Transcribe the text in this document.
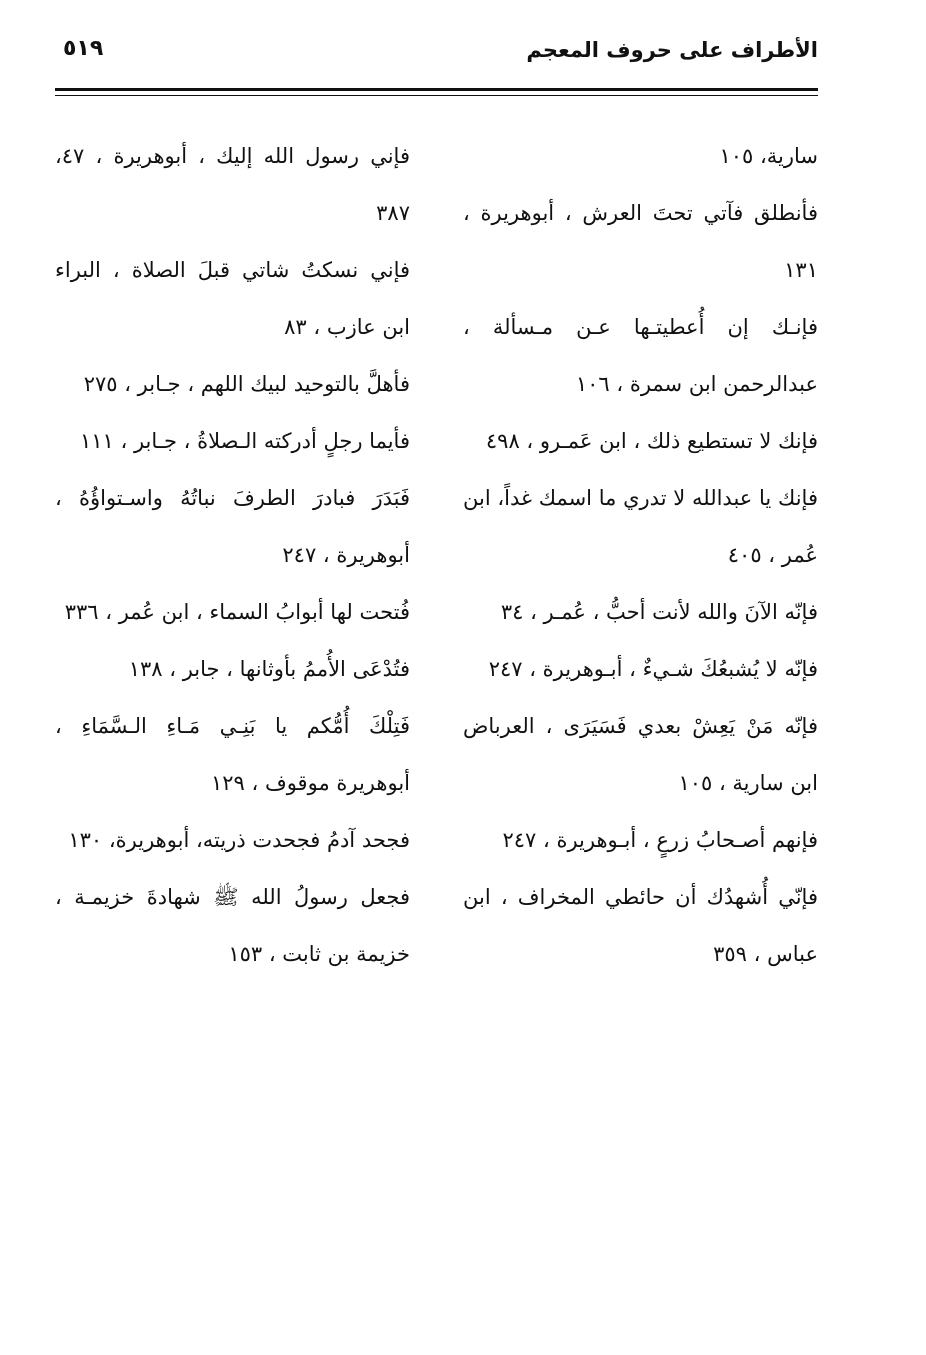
الأطراف على حروف المعجم
٥١٩

سارية، ١٠٥

فأنطلق فآتي تحتَ العرش ، أبوهريرة ، ١٣١

فإنـك إن أُعطيتـها عـن مـسألة ، عبدالرحمن ابن سمرة ، ١٠٦

فإنك لا تستطيع ذلك ، ابن عَمـرو ، ٤٩٨

فإنك يا عبدالله لا تدري ما اسمك غداً، ابن عُمر ، ٤٠٥

فإنّه الآنَ والله لأنت أحبُّ ، عُمـر ، ٣٤

فإنّه لا يُشبعُكَ شـيءٌ ، أبـوهريرة ، ٢٤٧

فإنّه مَنْ يَعِشْ بعدي فَسَيَرَى ، العرباض ابن سارية ، ١٠٥

فإنهم أصـحابُ زرعٍ ، أبـوهريرة ، ٢٤٧

فإنّي أُشهدُك أن حائطي المخراف ، ابن عباس ، ٣٥٩

فإني رسول الله إليك ، أبوهريرة ، ٤٧، ٣٨٧

فإني نسكتُ شاتي قبلَ الصلاة ، البراء ابن عازب ، ٨٣

فأهلَّ بالتوحيد لبيك اللهم ، جـابر ، ٢٧٥

فأيما رجلٍ أدركته الـصلاةُ ، جـابر ، ١١١

فَبَدَرَ فبادرَ الطرفَ نباتُهُ واسـتواؤُهُ ، أبوهريرة ، ٢٤٧

فُتحت لها أبوابُ السماء ، ابن عُمر ، ٣٣٦

فتُدْعَى الأُممُ بأوثانها ، جابر ، ١٣٨

فَتِلْكَ أُمُّكم يا بَنِـي مَـاءِ الـسَّمَاءِ ، أبوهريرة موقوف ، ١٢٩

فجحد آدمُ فجحدت ذريته، أبوهريرة، ١٣٠

فجعل رسولُ الله ﷺ شهادةَ خزيمـة ، خزيمة بن ثابت ، ١٥٣
